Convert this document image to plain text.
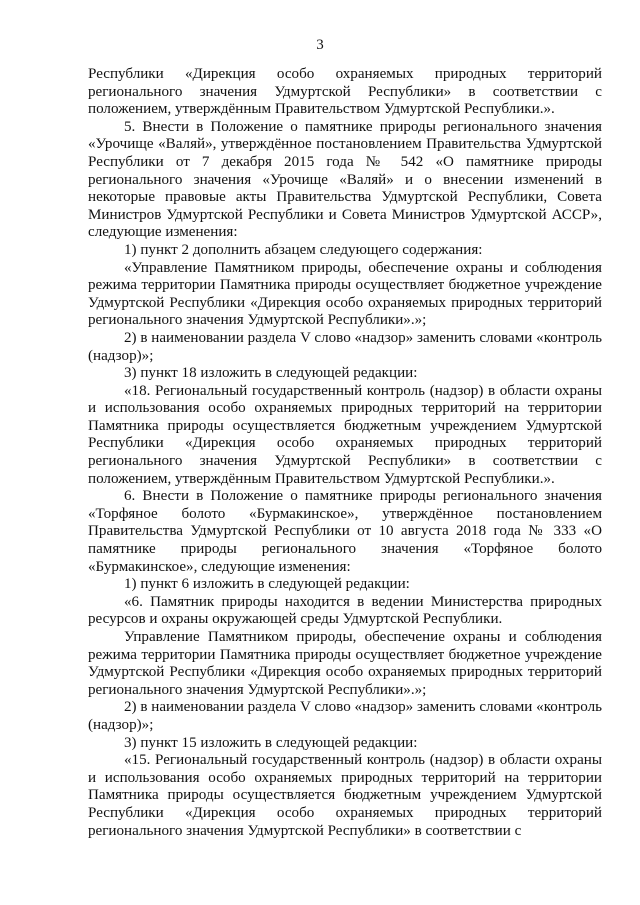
3

Республики «Дирекция особо охраняемых природных территорий регионального значения Удмуртской Республики» в соответствии с положением, утверждённым Правительством Удмуртской Республики.».

5. Внести в Положение о памятнике природы регионального значения «Урочище «Валяй», утверждённое постановлением Правительства Удмуртской Республики от 7 декабря 2015 года № 542 «О памятнике природы регионального значения «Урочище «Валяй» и о внесении изменений в некоторые правовые акты Правительства Удмуртской Республики, Совета Министров Удмуртской Республики и Совета Министров Удмуртской АССР», следующие изменения:

1) пункт 2 дополнить абзацем следующего содержания:

«Управление Памятником природы, обеспечение охраны и соблюдения режима территории Памятника природы осуществляет бюджетное учреждение Удмуртской Республики «Дирекция особо охраняемых природных территорий регионального значения Удмуртской Республики».»;

2) в наименовании раздела V слово «надзор» заменить словами «контроль (надзор)»;

3) пункт 18 изложить в следующей редакции:

«18. Региональный государственный контроль (надзор) в области охраны и использования особо охраняемых природных территорий на территории Памятника природы осуществляется бюджетным учреждением Удмуртской Республики «Дирекция особо охраняемых природных территорий регионального значения Удмуртской Республики» в соответствии с положением, утверждённым Правительством Удмуртской Республики.».

6. Внести в Положение о памятнике природы регионального значения «Торфяное болото «Бурмакинское», утверждённое постановлением Правительства Удмуртской Республики от 10 августа 2018 года № 333 «О памятнике природы регионального значения «Торфяное болото «Бурмакинское», следующие изменения:

1) пункт 6 изложить в следующей редакции:

«6. Памятник природы находится в ведении Министерства природных ресурсов и охраны окружающей среды Удмуртской Республики.

Управление Памятником природы, обеспечение охраны и соблюдения режима территории Памятника природы осуществляет бюджетное учреждение Удмуртской Республики «Дирекция особо охраняемых природных территорий регионального значения Удмуртской Республики».»;

2) в наименовании раздела V слово «надзор» заменить словами «контроль (надзор)»;

3) пункт 15 изложить в следующей редакции:

«15. Региональный государственный контроль (надзор) в области охраны и использования особо охраняемых природных территорий на территории Памятника природы осуществляется бюджетным учреждением Удмуртской Республики «Дирекция особо охраняемых природных территорий регионального значения Удмуртской Республики» в соответствии с
